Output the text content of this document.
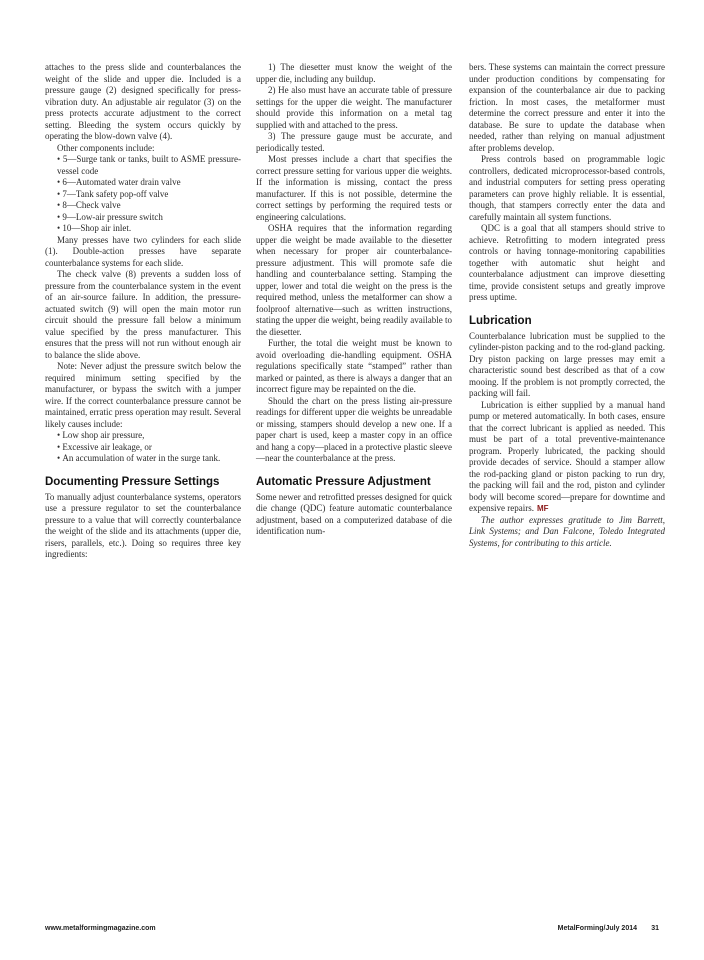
attaches to the press slide and counterbalances the weight of the slide and upper die. Included is a pressure gauge (2) designed specifically for press-vibration duty. An adjustable air regulator (3) on the press protects accurate adjustment to the correct setting. Bleeding the system occurs quickly by operating the blow-down valve (4).

Other components include:

• 5—Surge tank or tanks, built to ASME pressure-vessel code
• 6—Automated water drain valve
• 7—Tank safety pop-off valve
• 8—Check valve
• 9—Low-air pressure switch
• 10—Shop air inlet.

Many presses have two cylinders for each slide (1). Double-action presses have separate counterbalance systems for each slide.

The check valve (8) prevents a sudden loss of pressure from the counterbalance system in the event of an air-source failure. In addition, the pressure-actuated switch (9) will open the main motor run circuit should the pressure fall below a minimum value specified by the press manufacturer. This ensures that the press will not run without enough air to balance the slide above.

Note: Never adjust the pressure switch below the required minimum setting specified by the manufacturer, or bypass the switch with a jumper wire. If the correct counterbalance pressure cannot be maintained, erratic press operation may result. Several likely causes include:

• Low shop air pressure,
• Excessive air leakage, or
• An accumulation of water in the surge tank.
Documenting Pressure Settings

To manually adjust counterbalance systems, operators use a pressure regulator to set the counterbalance pressure to a value that will correctly counterbalance the weight of the slide and its attachments (upper die, risers, parallels, etc.). Doing so requires three key ingredients:

1) The diesetter must know the weight of the upper die, including any buildup.

2) He also must have an accurate table of pressure settings for the upper die weight. The manufacturer should provide this information on a metal tag supplied with and attached to the press.

3) The pressure gauge must be accurate, and periodically tested.

Most presses include a chart that specifies the correct pressure setting for various upper die weights. If the information is missing, contact the press manufacturer. If this is not possible, determine the correct settings by performing the required tests or engineering calculations.

OSHA requires that the information regarding upper die weight be made available to the diesetter when necessary for proper air counterbalance-pressure adjustment. This will promote safe die handling and counterbalance setting. Stamping the upper, lower and total die weight on the press is the required method, unless the metalformer can show a foolproof alternative—such as written instructions, stating the upper die weight, being readily available to the diesetter.

Further, the total die weight must be known to avoid overloading die-handling equipment. OSHA regulations specifically state “stamped” rather than marked or painted, as there is always a danger that an incorrect figure may be repainted on the die.

Should the chart on the press listing air-pressure readings for different upper die weights be unreadable or missing, stampers should develop a new one. If a paper chart is used, keep a master copy in an office and hang a copy—placed in a protective plastic sleeve—near the counterbalance at the press.

Automatic Pressure Adjustment

Some newer and retrofitted presses designed for quick die change (QDC) feature automatic counterbalance adjustment, based on a computerized database of die identification num-

bers. These systems can maintain the correct pressure under production conditions by compensating for expansion of the counterbalance air due to packing friction. In most cases, the metalformer must determine the correct pressure and enter it into the database. Be sure to update the database when needed, rather than relying on manual adjustment after problems develop.

Press controls based on programmable logic controllers, dedicated microprocessor-based controls, and industrial computers for setting press operating parameters can prove highly reliable. It is essential, though, that stampers correctly enter the data and carefully maintain all system functions.

QDC is a goal that all stampers should strive to achieve. Retrofitting to modern integrated press controls or having tonnage-monitoring capabilities together with automatic shut height and counterbalance adjustment can improve diesetting time, provide consistent setups and greatly improve press uptime.

Lubrication

Counterbalance lubrication must be supplied to the cylinder-piston packing and to the rod-gland packing. Dry piston packing on large presses may emit a characteristic sound best described as that of a cow mooing. If the problem is not promptly corrected, the packing will fail.

Lubrication is either supplied by a manual hand pump or metered automatically. In both cases, ensure that the correct lubricant is applied as needed. This must be part of a total preventive-maintenance program. Properly lubricated, the packing should provide decades of service. Should a stamper allow the rod-packing gland or piston packing to run dry, the packing will fail and the rod, piston and cylinder body will become scored—prepare for downtime and expensive repairs. MF

The author expresses gratitude to Jim Barrett, Link Systems; and Dan Falcone, Toledo Integrated Systems, for contributing to this article.

www.metalformingmagazine.com	MetalForming/July 2014 31
